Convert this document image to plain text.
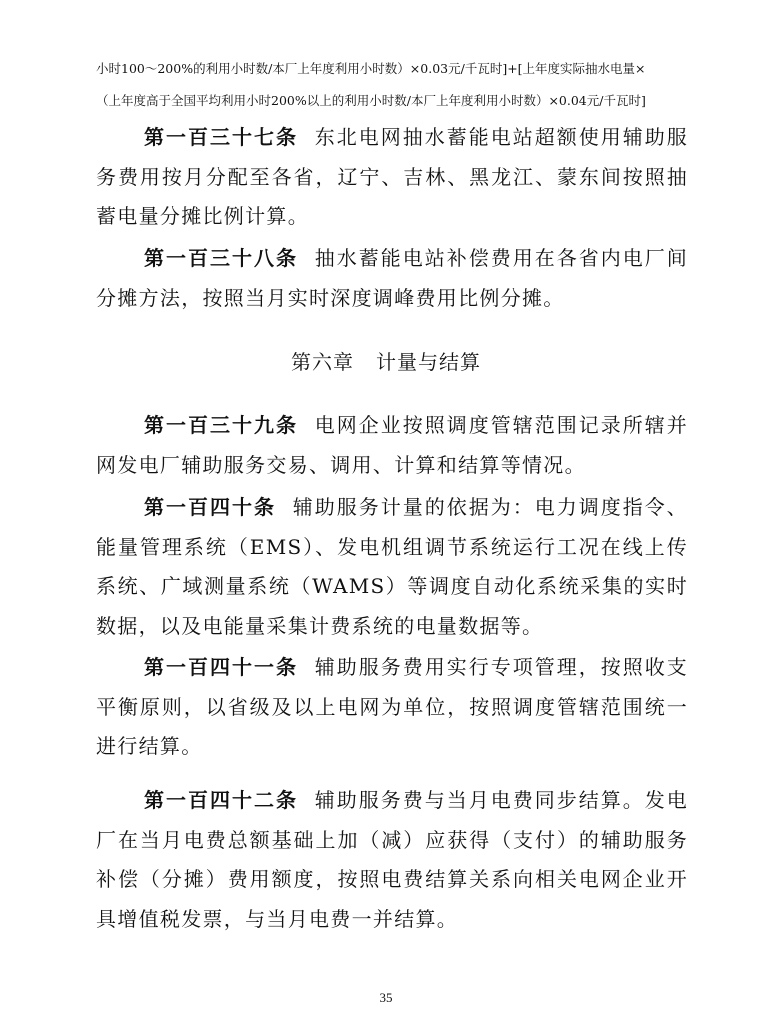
小时100～200%的利用小时数/本厂上年度利用小时数）×0.03元/千瓦时]+[上年度实际抽水电量×
（上年度高于全国平均利用小时200%以上的利用小时数/本厂上年度利用小时数）×0.04元/千瓦时]

第一百三十七条 东北电网抽水蓄能电站超额使用辅助服务费用按月分配至各省，辽宁、吉林、黑龙江、蒙东间按照抽蓄电量分摊比例计算。

第一百三十八条 抽水蓄能电站补偿费用在各省内电厂间分摊方法，按照当月实时深度调峰费用比例分摊。

第六章 计量与结算

第一百三十九条 电网企业按照调度管辖范围记录所辖并网发电厂辅助服务交易、调用、计算和结算等情况。

第一百四十条 辅助服务计量的依据为：电力调度指令、能量管理系统（EMS）、发电机组调节系统运行工况在线上传系统、广域测量系统（WAMS）等调度自动化系统采集的实时数据，以及电能量采集计费系统的电量数据等。

第一百四十一条 辅助服务费用实行专项管理，按照收支平衡原则，以省级及以上电网为单位，按照调度管辖范围统一进行结算。

第一百四十二条 辅助服务费与当月电费同步结算。发电厂在当月电费总额基础上加（减）应获得（支付）的辅助服务补偿（分摊）费用额度，按照电费结算关系向相关电网企业开具增值税发票，与当月电费一并结算。

35
